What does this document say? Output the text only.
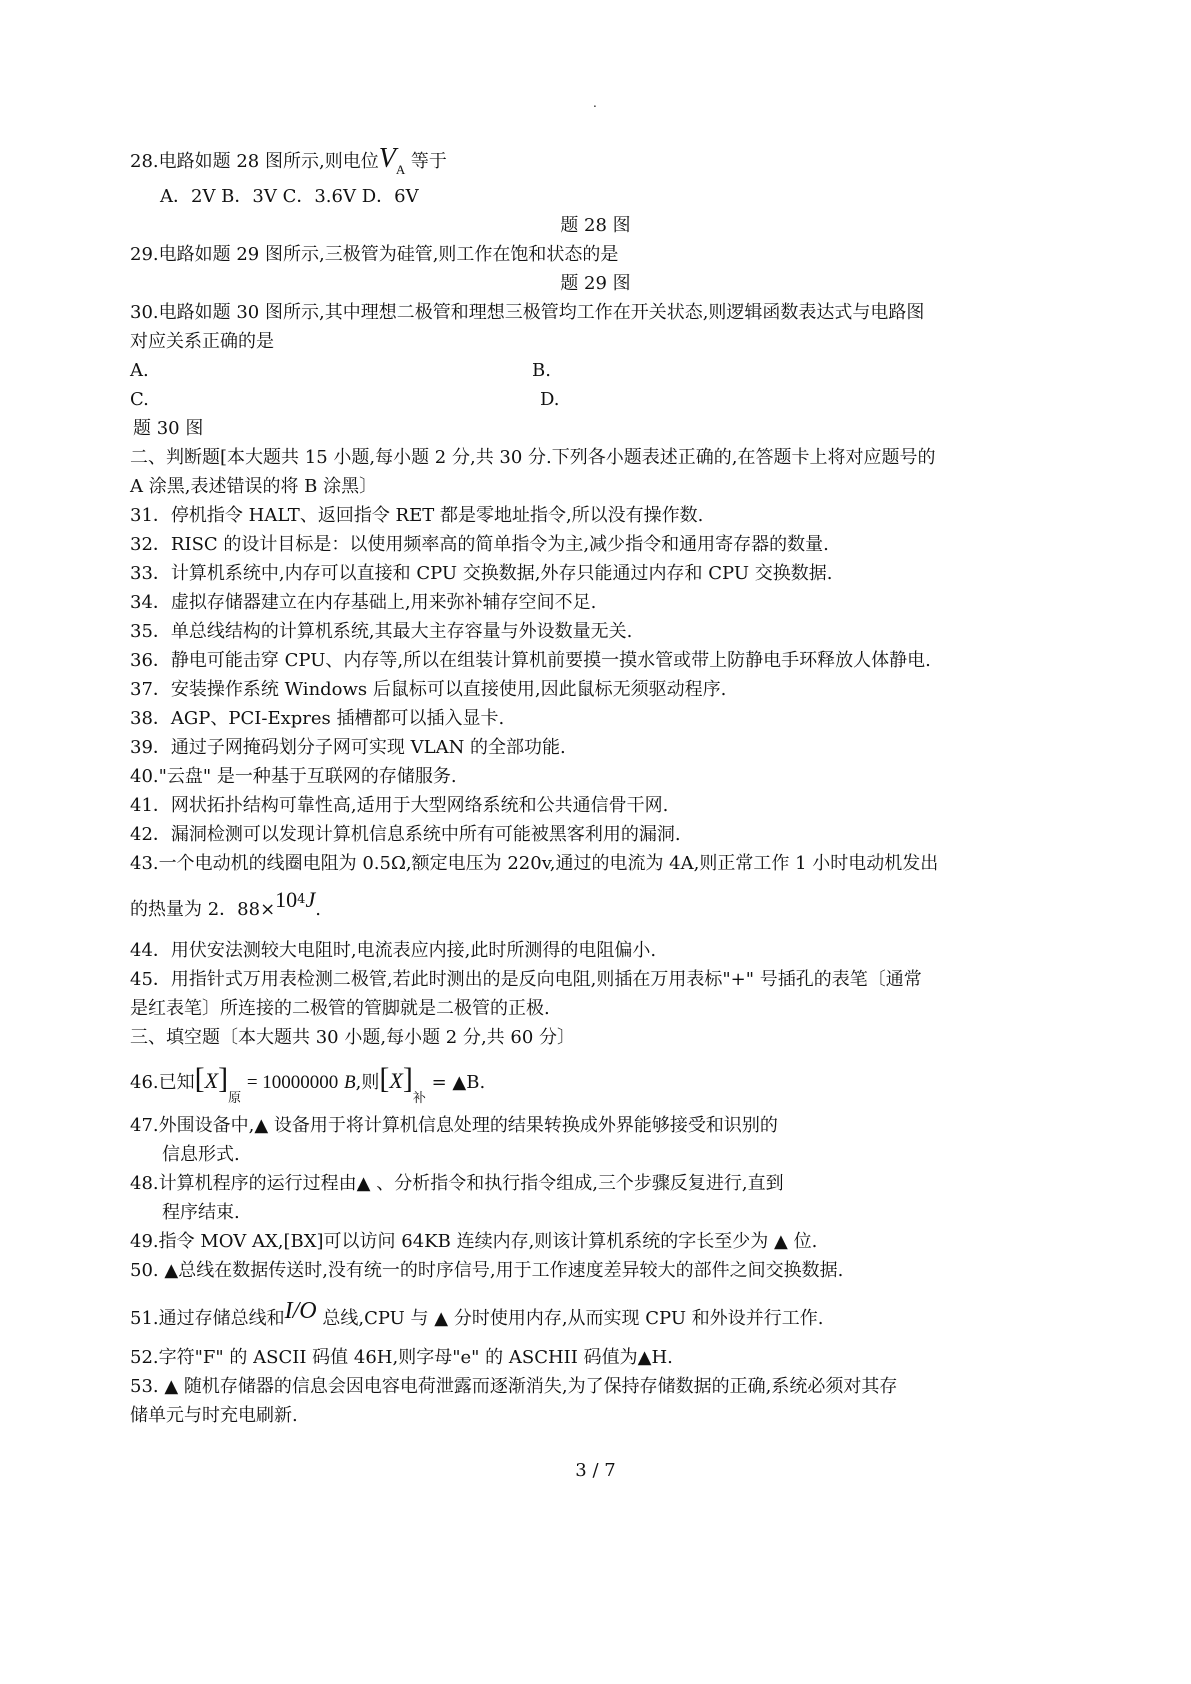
.
28.电路如题 28 图所示,则电位$V_A$ 等于
A．2V B．3V C．3.6V D．6V
题 28 图
29.电路如题 29 图所示,三极管为硅管,则工作在饱和状态的是
题 29 图
30.电路如题 30 图所示,其中理想二极管和理想三极管均工作在开关状态,则逻辑函数表达式与电路图
对应关系正确的是
A.	B.
C.	D.
题 30 图
二、判断题[本大题共 15 小题,每小题 2 分,共 30 分.下列各小题表述正确的,在答题卡上将对应题号的
A 涂黑,表述错误的将 B 涂黑〕
31．停机指令 HALT、返回指令 RET 都是零地址指令,所以没有操作数.
32．RISC 的设计目标是：以使用频率高的简单指令为主,减少指令和通用寄存器的数量.
33．计算机系统中,内存可以直接和 CPU 交换数据,外存只能通过内存和 CPU 交换数据.
34．虚拟存储器建立在内存基础上,用来弥补辅存空间不足.
35．单总线结构的计算机系统,其最大主存容量与外设数量无关.
36．静电可能击穿 CPU、内存等,所以在组装计算机前要摸一摸水管或带上防静电手环释放人体静电.
37．安装操作系统 Windows 后鼠标可以直接使用,因此鼠标无须驱动程序.
38．AGP、PCI-Expres 插槽都可以插入显卡.
39．通过子网掩码划分子网可实现 VLAN 的全部功能.
40."云盘" 是一种基于互联网的存储服务.
41．网状拓扑结构可靠性高,适用于大型网络系统和公共通信骨干网.
42．漏洞检测可以发现计算机信息系统中所有可能被黑客利用的漏洞.
43.一个电动机的线圈电阻为 0.5Ω,额定电压为 220v,通过的电流为 4A,则正常工作 1 小时电动机发出
的热量为 2．$88\times 10^4J$.
44．用伏安法测较大电阻时,电流表应内接,此时所测得的电阻偏小.
45．用指针式万用表检测二极管,若此时测出的是反向电阻,则插在万用表标"+" 号插孔的表笔〔通常
是红表笔〕所连接的二极管的管脚就是二极管的正极.
三、填空题〔本大题共 30 小题,每小题 2 分,共 60 分〕
46.已知$[X]_原 = 10000000$ B,则$[X]_补$ = ▲B.
47.外围设备中,▲ 设备用于将计算机信息处理的结果转换成外界能够接受和识别的
信息形式.
48.计算机程序的运行过程由▲ 、分析指令和执行指令组成,三个步骤反复进行,直到
程序结束.
49.指令 MOV AX,[BX]可以访问 64KB 连续内存,则该计算机系统的字长至少为 ▲ 位.
50. ▲总线在数据传送时,没有统一的时序信号,用于工作速度差异较大的部件之间交换数据.
51.通过存储总线和I/O 总线,CPU 与 ▲ 分时使用内存,从而实现 CPU 和外设并行工作.
52.字符"F" 的 ASCII 码值 46H,则字母"e" 的 ASCHII 码值为▲H.
53. ▲ 随机存储器的信息会因电容电荷泄露而逐渐消失,为了保持存储数据的正确,系统必须对其存
储单元与时充电刷新.
3 / 7
